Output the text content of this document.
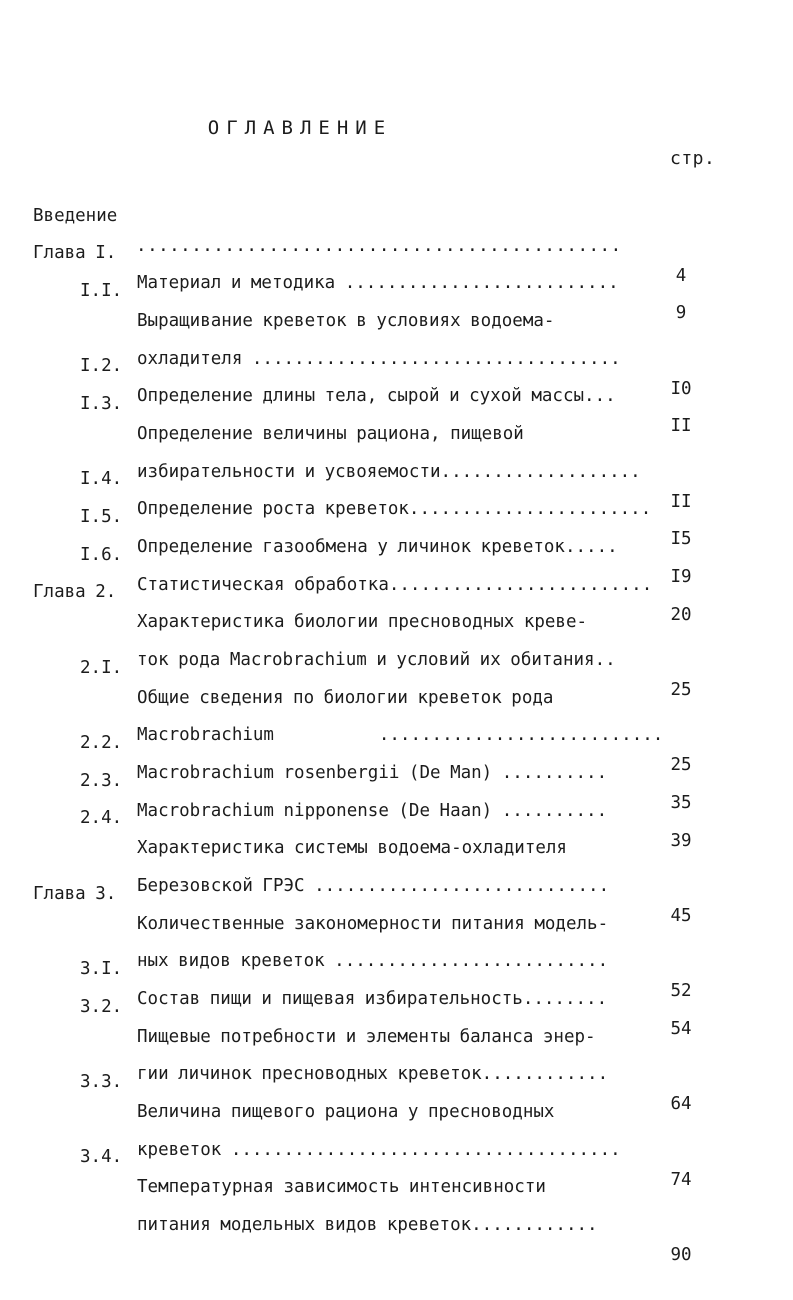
ОГЛАВЛЕНИЕ
стр.

Введение

............................................

4

Глава I.

Материал и методика ..........................

9

I.I.

Выращивание креветок в условиях водоема-

охладителя ...................................

I0

I.2.

Определение длины тела, сырой и сухой массы...

II

I.3.

Определение величины рациона, пищевой

избирательности и усвояемости...................

II

I.4.

Определение роста креветок.......................

I5

I.5.

Определение газообмена у личинок креветок.....

I9

I.6.

Статистическая обработка.........................

20

Глава 2.

Характеристика биологии пресноводных креве-

ток рода Macrobrachium и условий их обитания..

25

2.I.

Общие сведения по биологии креветок рода

Macrobrachium           ...........................

25

2.2.

Macrobrachium rosenbergii (De Man) ..........

35

2.3.

Macrobrachium nipponense (De Haan) ..........

39

2.4.

Характеристика системы водоема-охладителя

Березовской ГРЭС ............................

45

Глава 3.

Количественные закономерности питания модель-

ных видов креветок ..........................

52

3.I.

Состав пищи и пищевая избирательность........

54

3.2.

Пищевые потребности и элементы баланса энер-

гии личинок пресноводных креветок............

64

3.3.

Величина пищевого рациона у пресноводных

креветок .....................................

74

3.4.

Температурная зависимость интенсивности

питания модельных видов креветок............

90
